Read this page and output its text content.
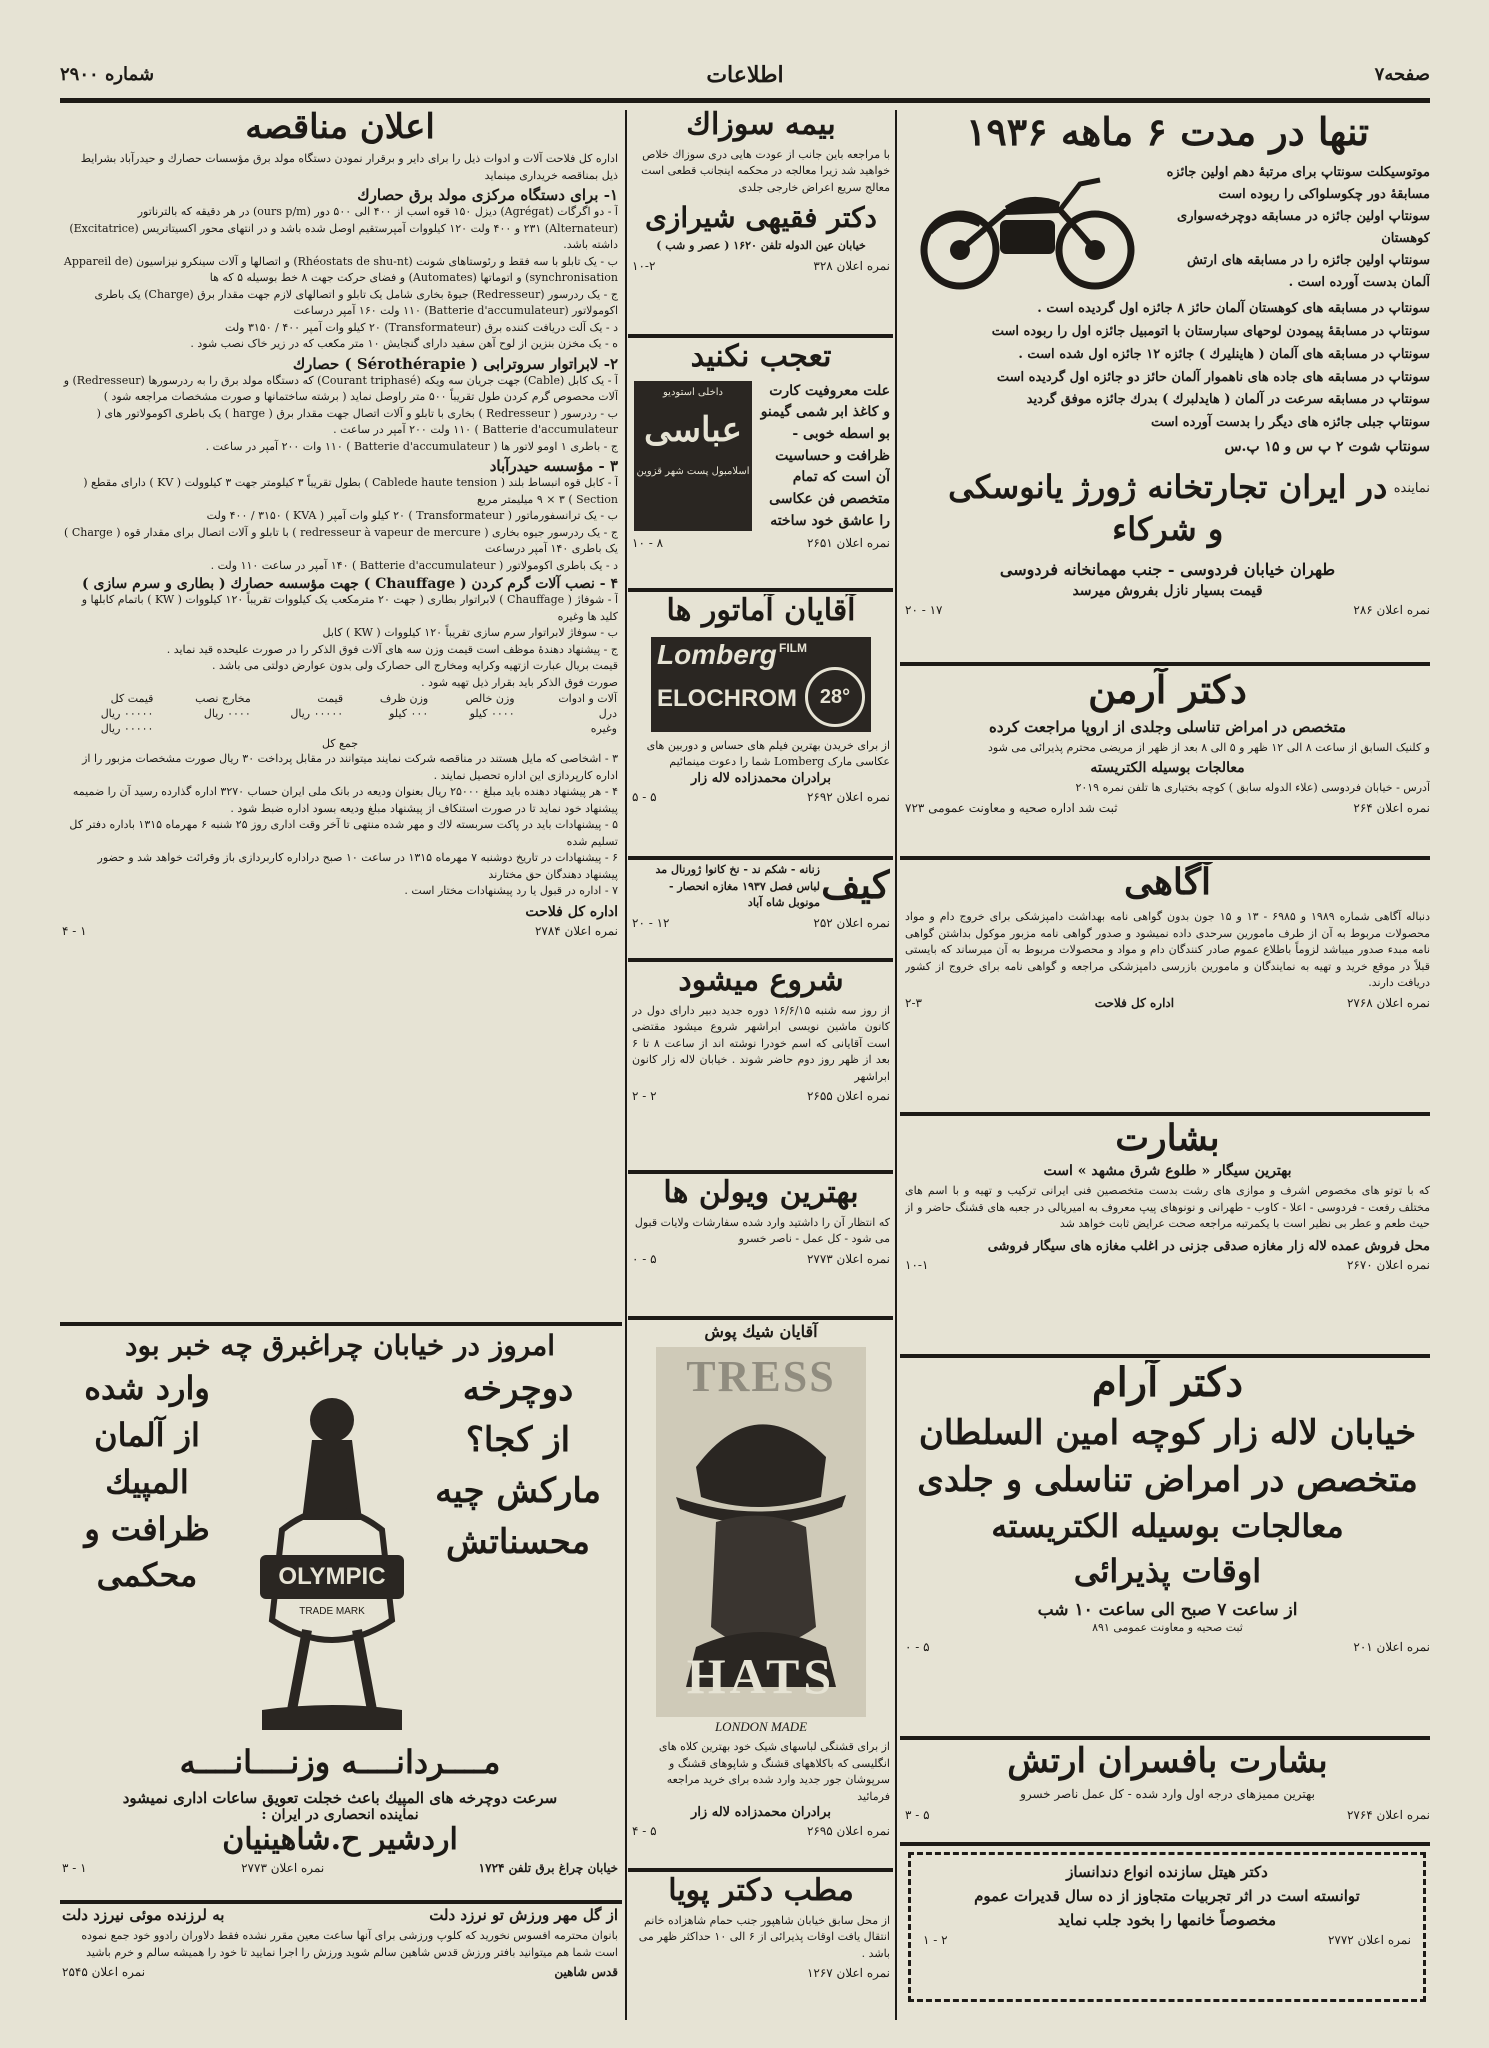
صفحه۷
اطلاعات
شماره ۲۹۰۰
تنها در مدت ۶ ماهه ۱۹۳۶

موتوسیکلت سونتاپ برای مرتبهٔ دهم اولین جائزه

مسابقهٔ دور چکوسلواکی را ربوده است

سونتاپ اولین جائزه در مسابقه دوچرخه‌سواری کوهستان

سونتاپ اولین جائزه را در مسابقه های ارتش

آلمان بدست آورده است .

سونتاپ در مسابقه های کوهستان آلمان حائز ۸ جائزه اول گردیده است .

سونتاپ در مسابقهٔ پیمودن لوحهای سبارستان با اتومبیل جائزه اول را ربوده است

سونتاپ در مسابقه های آلمان ( هاینلیرك ) جائزه ۱۲ جائزه اول شده است .

سونتاپ در مسابقه های جاده های ناهموار آلمان حائز دو جائزه اول گردیده است

سونتاپ در مسابقه سرعت در آلمان ( هایدلبرك ) بدرك جائزه موفق گردید

سونتاپ جبلی جائزه های دیگر را بدست آورده است

سونتاپ شوت ۲ پ س و ۱۵ پ.س

نماینده
در ایران تجارتخانه ژورژ یانوسکی و شرکاء

طهران خیابان فردوسی - جنب مهمانخانه فردوسی

قیمت بسیار نازل بفروش میرسد

نمره اعلان ۲۸۶
۱۷ - ۲۰
دکتر آرمن

متخصص در امراض تناسلی وجلدی از اروپا مراجعت کرده

و کلنیک السابق از ساعت ۸ الی ۱۲ ظهر و ۵ الی ۸ بعد از ظهر از مریضی محترم پذیرائی می شود

معالجات بوسیله الکتریسته

آدرس - خیابان فردوسی (علاء الدوله سابق ) کوچه بختیاری ها تلفن نمره ۲۰۱۹

نمره اعلان ۲۶۴
ثبت شد اداره صحیه و معاونت عمومی ۷۲۳
آگاهی

دنباله آگاهی شماره ۱۹۸۹ و ۶۹۸۵ - ۱۳ و ۱۵ جون بدون گواهی نامه بهداشت دامپزشکی برای خروج دام و مواد محصولات مربوط به آن از طرف مامورین سرحدی داده نمیشود و صدور گواهی نامه مزبور موکول بداشتن گواهی نامه مبدء صدور میباشد لزوماً باطلاع عموم صادر کنندگان دام و مواد و محصولات مربوط به آن میرساند که بایستی قبلاً در موقع خرید و تهیه به نمایندگان و مامورین بازرسی دامپزشکی مراجعه و گواهی نامه برای خروج از کشور دریافت دارند.

نمره اعلان ۲۷۶۸
اداره کل فلاحت
۲-۳
بشارت

بهترین سیگار « طلوع شرق مشهد » است

که با توتو های مخصوص اشرف و موازی های رشت بدست متخصصین فنی ایرانی ترکیب و تهیه و با اسم های مختلف رفعت - فردوسی - اعلا - کاوب - طهرانی و نونوهای پیپ معروف به امیریالی در جعبه های قشنگ حاضر و از حیث طعم و عطر بی نظیر است با یکمرتبه مراجعه صحت عرایض ثابت خواهد شد

محل فروش عمده لاله زار مغازه صدقی جزنی در اغلب مغازه های سیگار فروشی

نمره اعلان ۲۶۷۰
۱۰-۱
دکتر آرام
خیابان لاله زار کوچه امین السلطان
متخصص در امراض تناسلی و جلدی
معالجات بوسیله الکتریسته
اوقات پذیرائی

از ساعت ۷ صبح الی ساعت ۱۰ شب

ثبت صحیه و معاونت عمومی ۸۹۱

نمره اعلان ۲۰۱
۵ - ۰
بشارت بافسران ارتش

بهترین ممیزهای درجه اول وارد شده - کل عمل ناصر خسرو

نمره اعلان ۲۷۶۴
۵ - ۳

دکتر هیتل سازنده انواع دندانساز

توانسته است در اثر تجربیات متجاوز از ده سال قدیرات عموم

مخصوصاً خانمها را بخود جلب نماید

نمره اعلان ۲۷۷۲
۲ - ۱
بیمه سوزاك

با مراجعه باین جانب از عودت هایی دری سوزاك خلاص خواهید شد زیرا معالجه در محکمه اینجانب قطعی است معالج سریع اعراض خارجی جلدی

دکتر فقیهی شیرازی

خیابان عین الدوله تلفن ۱۶۲۰ ( عصر و شب )

نمره اعلان ۳۲۸
۱۰-۲
تعجب نکنید

علت معروفیت کارت و کاغذ ابر شمی گیمنو بو اسطه خوبی - ظرافت و حساسیت آن است که تمام متخصص فن عکاسی را عاشق خود ساخته

داخلی استودیو
عباسی
اسلامبول پست شهر قزوین
نمره اعلان ۲۶۵۱
۸ - ۱۰
آقایان آماتور ها
Lomberg FILM
ELOCHROM	28°

از برای خریدن بهترین فیلم های حساس و دوربین های عکاسی مارک Lomberg شما را دعوت مینمائیم

برادران محمدزاده لاله زار

نمره اعلان ۲۶۹۲
۵ - ۵
کیف

زنانه - شکم ند - نخ کانوا ژورنال مد لباس فصل ۱۹۳۷ مغازه انحصار - مونوبل شاه آباد

نمره اعلان ۲۵۲
۱۲ - ۲۰
شروع میشود

از روز سه شنبه ۱۶/۶/۱۵ دوره جدید دبیر دارای دول در کانون ماشین نویسی ابراشهر شروع میشود مقتضی است آقایانی که اسم خودرا نوشته اند از ساعت ۸ تا ۶ بعد از ظهر روز دوم حاضر شوند . خیابان لاله زار کانون ابراشهر

نمره اعلان ۲۶۵۵
۲ - ۲
بهترین ویولن ها

که انتظار آن را داشتید وارد شده سفارشات ولایات قبول می شود - کل عمل - ناصر خسرو

نمره اعلان ۲۷۷۳
۵ - ۰

آقایان شیك پوش

TRESS
HATS

LONDON MADE

از برای قشنگی لباسهای شیک خود بهترین کلاه های انگلیسی که باکلاههای قشنگ و شاپوهای قشنگ و سرپوشان جور جدید وارد شده برای خرید مراجعه فرمائید

برادران محمدزاده لاله زار

نمره اعلان ۲۶۹۵
۵ - ۴
مطب دکتر پویا

از محل سابق خیابان شاهپور جنب حمام شاهزاده خانم انتقال یافت اوقات پذیرائی از ۶ الی ۱۰ حداکثر ظهر می باشد .

نمره اعلان ۱۲۶۷
اعلان مناقصه

اداره کل فلاحت آلات و ادوات ذیل را برای دایر و برقرار نمودن دستگاه مولد برق مؤسسات حصارك و حیدرآباد بشرایط ذیل بمناقصه خریداری مینماید

۱- برای دستگاه مرکزی مولد برق حصارك

آ - دو اگرگات (Agrégat) دیزل ۱۵۰ قوه اسب از ۴۰۰ الی ۵۰۰ دور (ours p/m) در هر دقیقه که بالترناتور (Alternateur) ۲۳۱ و ۴۰۰ ولت ۱۲۰ کیلووات آمپرستقیم اوصل شده باشد و در انتهای محور اکسیتاتریس (Excitatrice) داشته باشد.

ب - یک تابلو با سه فقط و رئوستاهای شونت (Rhéostats de shu-nt) و اتصالها و آلات سینکرو نیزاسیون (Appareil de synchronisation) و اتوماتها (Automates) و فضای حرکت جهت ۸ خط بوسیله ۵ که ها

ج - یک ردرسور (Redresseur) جیوهٔ بخاری شامل یک تابلو و اتصالهای لازم جهت مقدار برق (Charge) یک باطری اکومولاتور (Batterie d'accumulateur) ۱۱۰ ولت ۱۶۰ آمپر درساعت

د - یک آلت دریافت کننده برق (Transformateur) ۲۰ کیلو وات آمپر ۴۰۰ / ۳۱۵۰ ولت

ه - یک مخزن بنزین از لوح آهن سفید دارای گنجایش ۱۰ متر مکعب که در زیر خاک نصب شود .

۲- لابراتوار سروترابی ( Sérothérapie ) حصارك

آ - یک کابل (Cable) جهت جریان سه ویکه (Courant triphasé) که دستگاه مولد برق را به ردرسورها (Redresseur) و آلات محصوص گرم کردن طول تقریباً ۵۰۰ متر راوصل نماید ( برشته ساختمانها و صورت مشخصات مراجعه شود )

ب - ردرسور ( Redresseur ) بخاری با تابلو و آلات اتصال جهت مقدار برق ( harge ) یک باطری اکومولاتور های ( Batterie d'accumulateur ) ۱۱۰ ولت ۲۰۰ آمپر در ساعت .

ج - باطری ۱ اومو لاتور ها ( Batterie d'accumulateur ) ۱۱۰ وات ۲۰۰ آمپر در ساعت .

۳ - مؤسسه حیدرآباد

آ - کابل قوه انبساط بلند ( Cablede haute tension ) بطول تقریباً ۳ کیلومتر جهت ۳ کیلوولت ( KV ) دارای مقطع ( Section ) ۹ × ۳ میلیمتر مربع

ب - یک ترانسفورماتور ( Transformateur ) ۲۰ کیلو وات آمپر ( KVA ) ۴۰۰ / ۳۱۵۰ ولت

ج - یک ردرسور جیوه بخاری ( redresseur à vapeur de mercure ) با تابلو و آلات اتصال برای مقدار قوه ( Charge ) یک باطری ۱۴۰ آمپر درساعت

د - یک باطری اکومولاتور ( Batterie d'accumulateur ) ۱۴۰ آمپر در ساعت ۱۱۰ ولت .

۴ - نصب آلات گرم کردن ( Chauffage ) جهت مؤسسه حصارك ( بطاری و سرم سازی )

آ - شوفاژ ( Chauffage ) لابراتوار بطاری ( جهت ۲۰ مترمکعب یک کیلووات تقریباً ۱۲۰ کیلووات ( KW ) باتمام کابلها و کلید ها وغیره

ب - سوفاژ لابراتوار سرم سازی تقریباً ۱۲۰ کیلووات ( KW ) کابل

ج - پیشنهاد دهندهٔ موظف است قیمت وزن سه های آلات فوق الذکر را در صورت علیحده قید نماید .

قیمت بریال عبارت ازتهیه وکرایه ومخارج الی حصارک ولی بدون عوارض دولتی می باشد .

صورت فوق الذکر باید بقرار ذیل تهیه شود .

آلات و ادوات	وزن خالص	وزن ظرف	قیمت	مخارج نصب	قیمت کل
درل	۰۰۰۰ کیلو	۰۰۰ کیلو	۰۰۰۰۰ ریال	۰۰۰۰ ریال	۰۰۰۰۰ ریال
وغیره					۰۰۰۰۰ ریال
جمع کل					

۳ - اشخاصی که مایل هستند در مناقصه شرکت نمایند میتوانند در مقابل پرداخت ۳۰ ریال صورت مشخصات مزبور را از اداره کارپردازی این اداره تحصیل نمایند .

۴ - هر پیشنهاد دهنده باید مبلغ ۲۵۰۰۰ ریال بعنوان ودیعه در بانک ملی ایران حساب ۳۲۷۰ اداره گذارده رسید آن را ضمیمه پیشنهاد خود نماید تا در صورت استنکاف از پیشنهاد مبلغ ودیعه بسود اداره ضبط شود .

۵ - پیشنهادات باید در پاکت سربسته لاك و مهر شده منتهی تا آخر وقت اداری روز ۲۵ شنبه ۶ مهرماه ۱۳۱۵ باداره دفتر کل تسلیم شده

۶ - پیشنهادات در تاریخ دوشنبه ۷ مهرماه ۱۳۱۵ در ساعت ۱۰ صبح دراداره کاربردازی باز وقرائت خواهد شد و حضور پیشنهاد دهندگان حق مختارند

۷ - اداره در قبول یا رد پیشنهادات مختار است .

اداره کل فلاحت
نمره اعلان ۲۷۸۴
۱ - ۴
امروز در خیابان چراغبرق چه خبر بود
دوچرخه
از کجا؟
مارکش چیه
محسناتش
وارد شده
از آلمان
المپیك
ظرافت و
محکمی	OLYMPIC
TRADE MARK
مــــردانــــه وزنــــانــــه

سرعت دوچرخه های المپیك باعث خجلت تعویق ساعات اداری نمیشود

نماینده انحصاری در ایران :

اردشیر ح.شاهینیان
خیابان چراغ برق تلفن ۱۷۲۴
نمره اعلان ۲۷۷۳
۱ - ۳
از گل مهر ورزش تو نرزد دلت
به لرزنده موئی نیرزد دلت

بانوان محترمه افسوس نخورید که کلوپ ورزشی برای آنها ساعت معین مقرر نشده فقط دلاوران رادوو خود جمع نموده است شما هم میتوانید بافتر ورزش قدس شاهین سالم شوید ورزش را اجرا نمایید تا خود را همیشه سالم و خرم باشید

قدس شاهین
نمره اعلان ۲۵۴۵
